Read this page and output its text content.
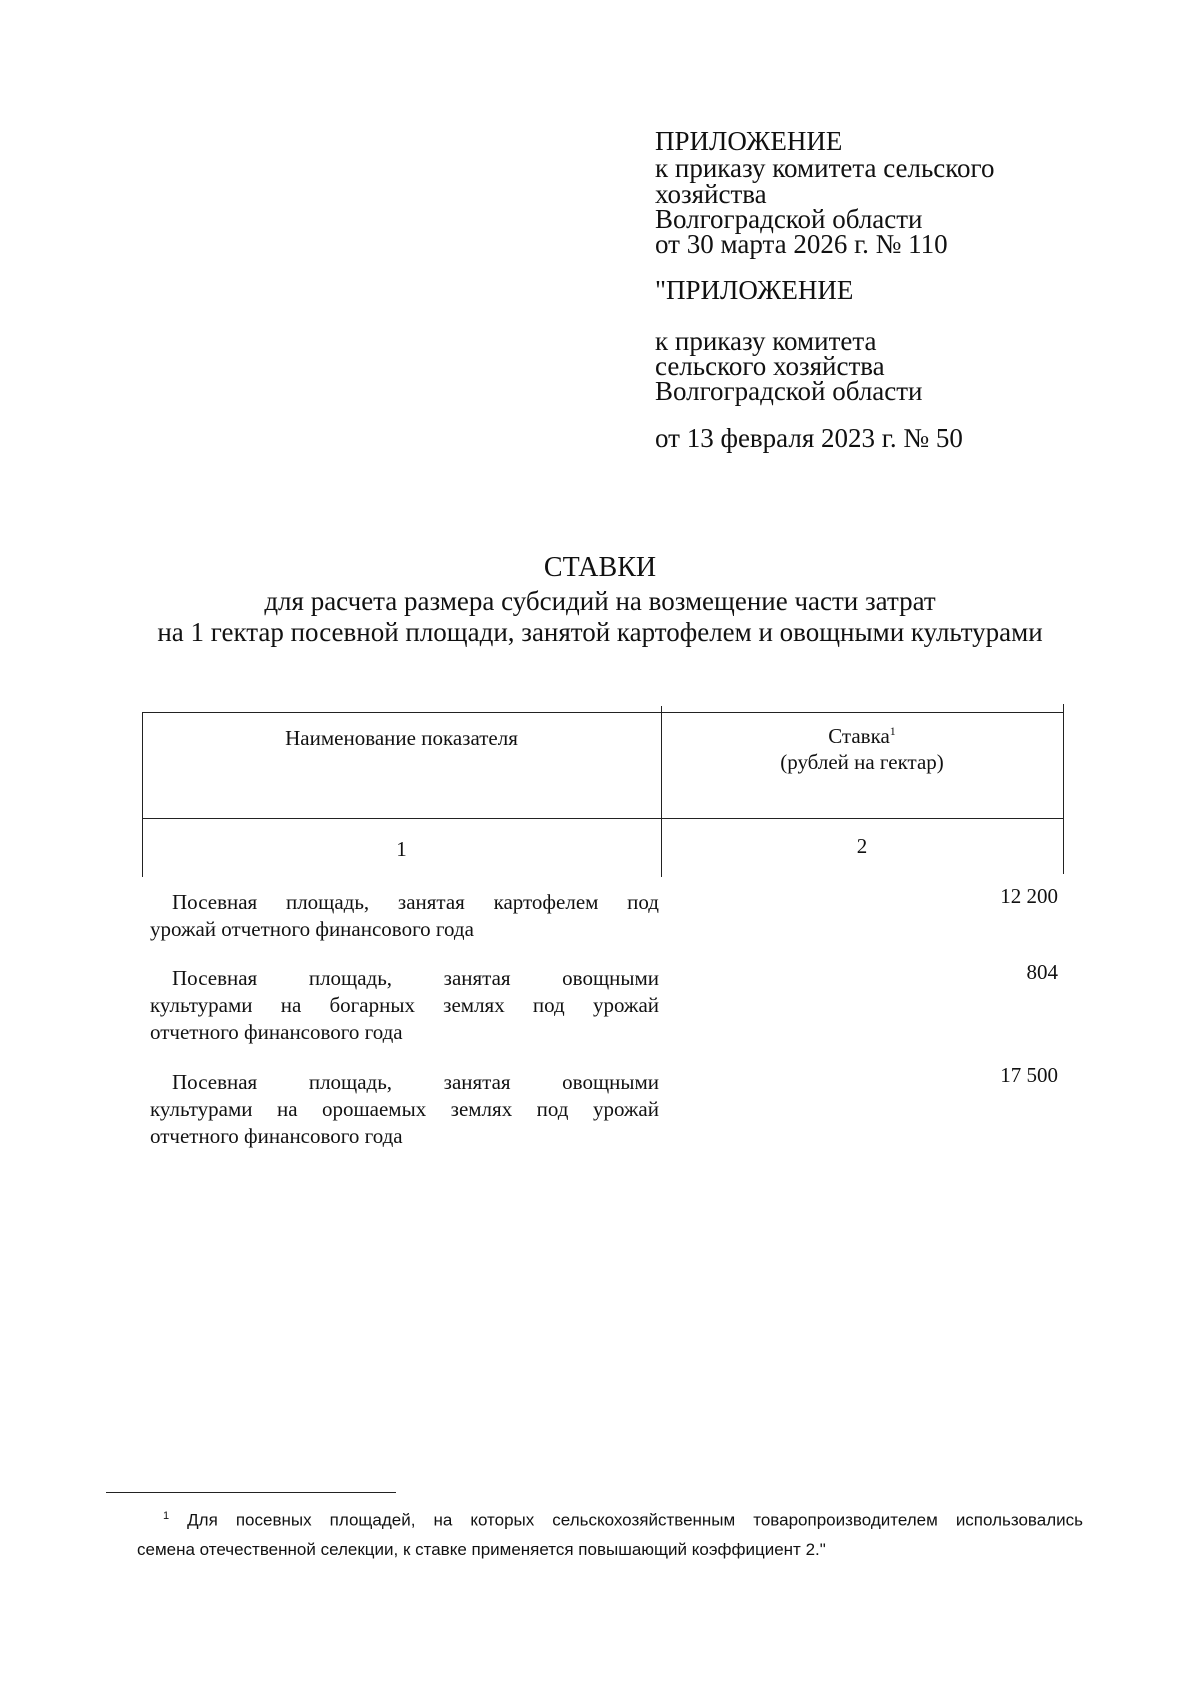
ПРИЛОЖЕНИЕ
к приказу комитета сельского
хозяйства
Волгоградской области
от 30 марта 2026 г. № 110
"ПРИЛОЖЕНИЕ
к приказу комитета
сельского хозяйства
Волгоградской области
от 13 февраля 2023 г. № 50
СТАВКИ
для расчета размера субсидий на возмещение части затрат
на 1 гектар посевной площади, занятой картофелем и овощными культурами
Наименование показателя	Ставка$^1$
(рублей на гектар)
1	2
Посевная площадь, занятая картофелем под
урожай отчетного финансового года
12 200
Посевная площадь, занятая овощными
культурами на богарных землях под урожай
отчетного финансового года
804
Посевная площадь, занятая овощными
культурами на орошаемых землях под урожай
отчетного финансового года
17 500
$^1$ Для посевных площадей, на которых сельскохозяйственным товаропроизводителем использовались
семена отечественной селекции, к ставке применяется повышающий коэффициент 2."
